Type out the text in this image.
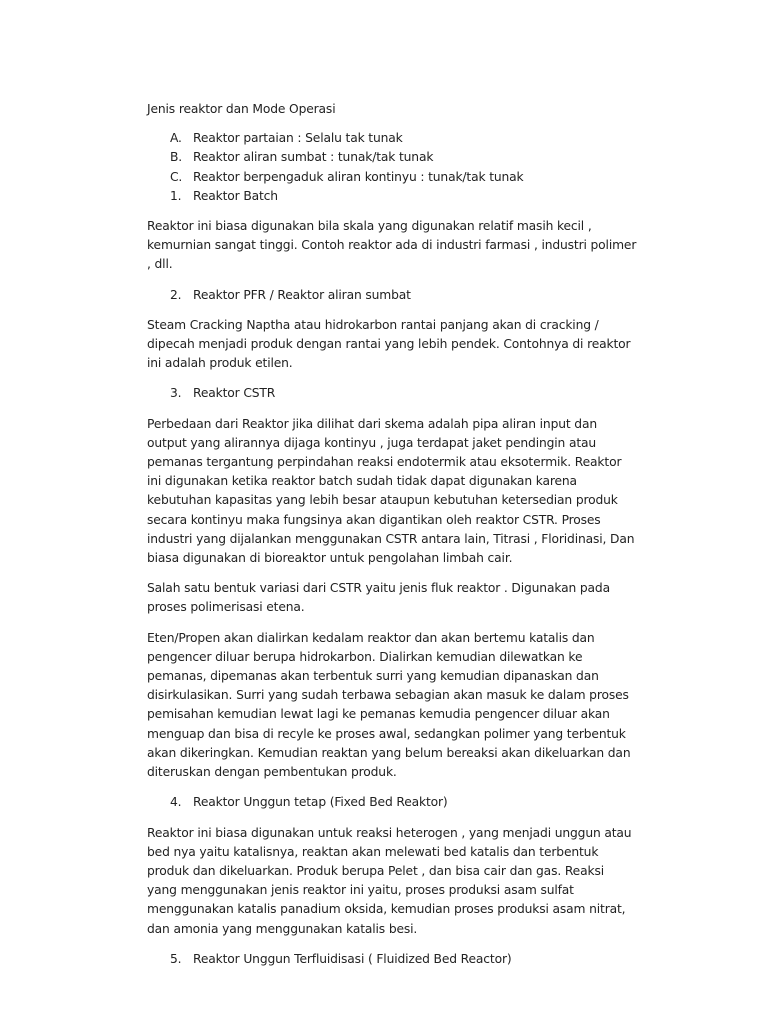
Jenis reaktor dan Mode Operasi

A. Reaktor partaian : Selalu tak tunak
B. Reaktor aliran sumbat : tunak/tak tunak
C. Reaktor berpengaduk aliran kontinyu : tunak/tak tunak
1. Reaktor Batch

Reaktor ini biasa digunakan bila skala yang digunakan relatif masih kecil , kemurnian sangat tinggi. Contoh reaktor ada di industri farmasi , industri polimer , dll.

2. Reaktor PFR / Reaktor aliran sumbat

Steam Cracking Naptha atau hidrokarbon rantai panjang akan di cracking / dipecah menjadi produk dengan rantai yang lebih pendek. Contohnya di reaktor ini adalah produk etilen.

3. Reaktor CSTR

Perbedaan dari Reaktor jika dilihat dari skema adalah pipa aliran input dan output yang alirannya dijaga kontinyu , juga terdapat jaket pendingin atau pemanas tergantung perpindahan reaksi endotermik atau eksotermik. Reaktor ini digunakan ketika reaktor batch sudah tidak dapat digunakan karena kebutuhan kapasitas yang lebih besar ataupun kebutuhan ketersedian produk secara kontinyu maka fungsinya akan digantikan oleh reaktor CSTR. Proses industri yang dijalankan menggunakan CSTR antara lain, Titrasi , Floridinasi, Dan biasa digunakan di bioreaktor untuk pengolahan limbah cair.

Salah satu bentuk variasi dari CSTR yaitu jenis fluk reaktor . Digunakan pada proses polimerisasi etena.

Eten/Propen akan dialirkan kedalam reaktor dan akan bertemu katalis dan pengencer diluar berupa hidrokarbon. Dialirkan kemudian dilewatkan ke pemanas, dipemanas akan terbentuk surri yang kemudian dipanaskan dan disirkulasikan. Surri yang sudah terbawa sebagian akan masuk ke dalam proses pemisahan kemudian lewat lagi ke pemanas kemudia pengencer diluar akan menguap dan bisa di recyle ke proses awal, sedangkan polimer yang terbentuk akan dikeringkan. Kemudian reaktan yang belum bereaksi akan dikeluarkan dan diteruskan dengan pembentukan produk.

4. Reaktor Unggun tetap (Fixed Bed Reaktor)

Reaktor ini biasa digunakan untuk reaksi heterogen , yang menjadi unggun atau bed nya yaitu katalisnya, reaktan akan melewati bed katalis dan terbentuk produk dan dikeluarkan. Produk berupa Pelet , dan bisa cair dan gas. Reaksi yang menggunakan jenis reaktor ini yaitu, proses produksi asam sulfat menggunakan katalis panadium oksida, kemudian proses produksi asam nitrat, dan amonia yang menggunakan katalis besi.

5. Reaktor Unggun Terfluidisasi ( Fluidized Bed Reactor)
